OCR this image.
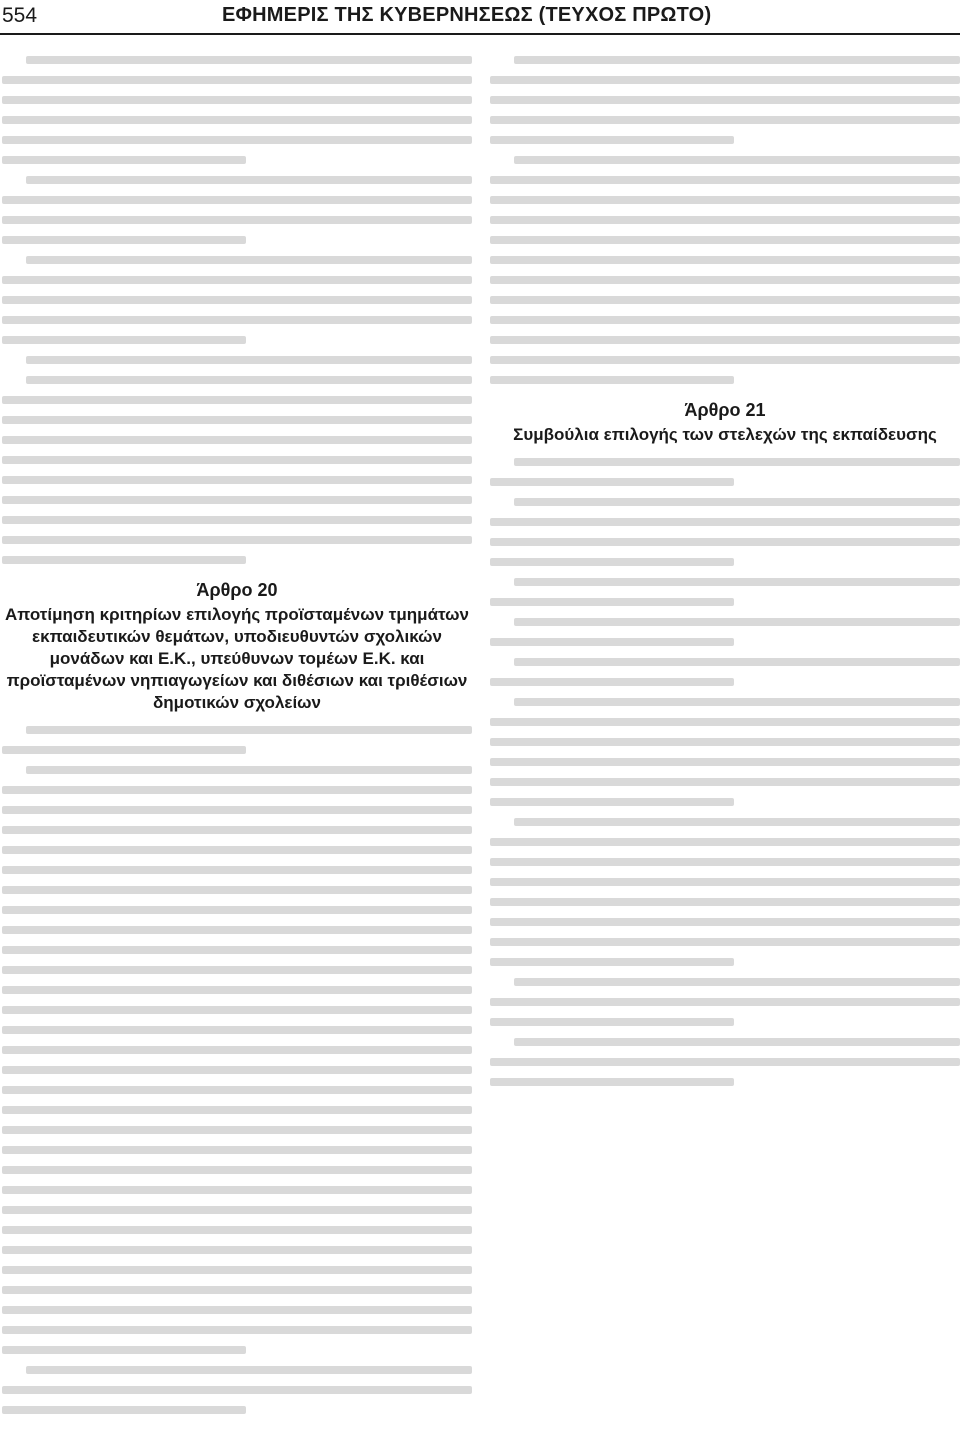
554	ΕΦΗΜΕΡΙΣ ΤΗΣ ΚΥΒΕΡΝΗΣΕΩΣ (ΤΕΥΧΟΣ ΠΡΩΤΟ)
Άρθρο 20
Αποτίμηση κριτηρίων επιλογής προϊσταμένων τμημάτων εκπαιδευτικών θεμάτων, υποδιευθυντών σχολικών μονάδων και Ε.Κ., υπεύθυνων τομέων Ε.Κ. και προϊσταμένων νηπιαγωγείων και διθέσιων και τριθέσιων δημοτικών σχολείων
Άρθρο 21
Συμβούλια επιλογής των στελεχών της εκπαίδευσης
